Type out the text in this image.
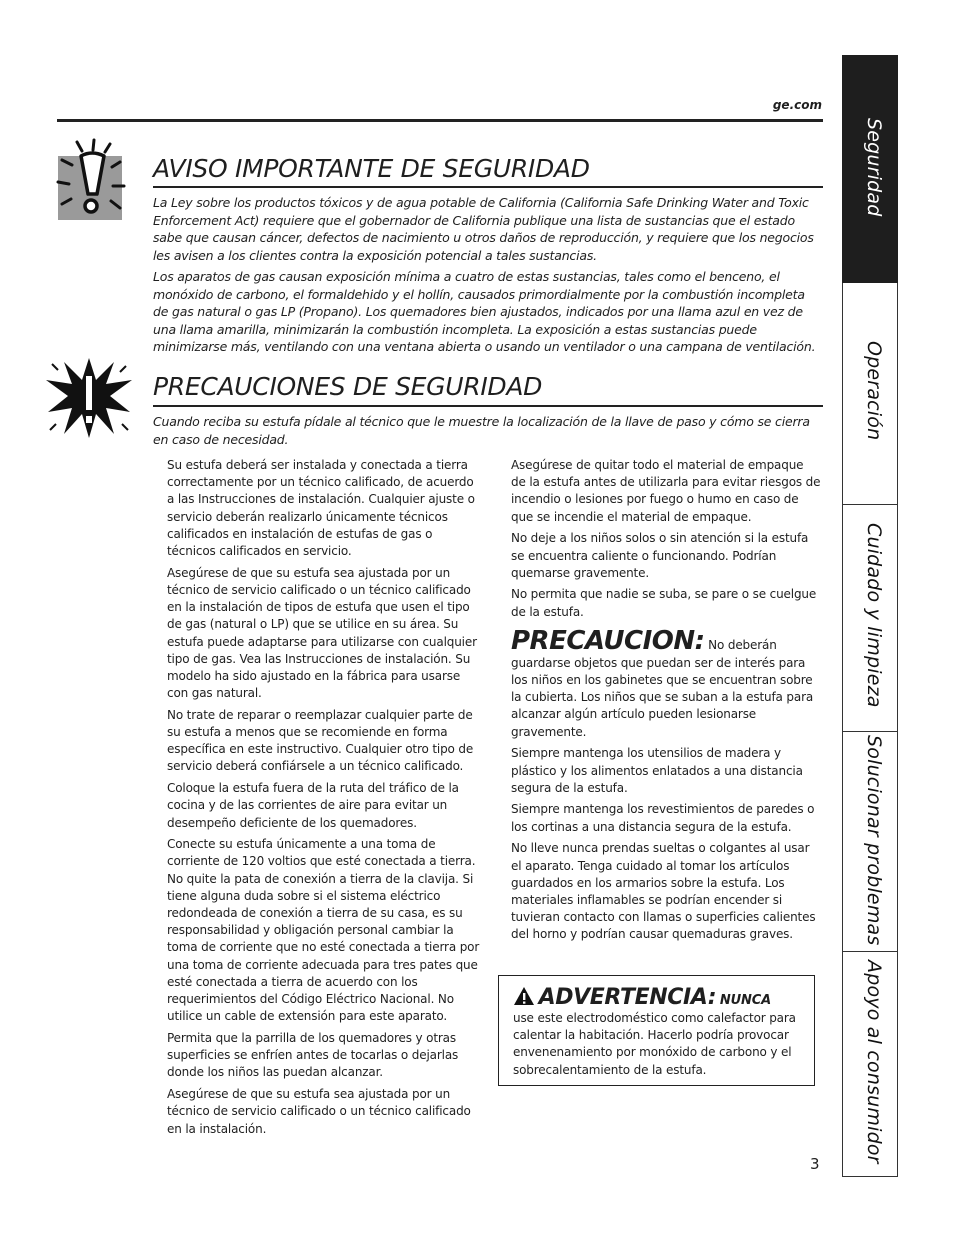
ge.com
AVISO IMPORTANTE DE SEGURIDAD

La Ley sobre los productos tóxicos y de agua potable de California (California Safe Drinking Water and Toxic Enforcement Act) requiere que el gobernador de California publique una lista de sustancias que el estado sabe que causan cáncer, defectos de nacimiento u otros daños de reproducción, y requiere que los negocios les avisen a los clientes contra la exposición potencial a tales sustancias.

Los aparatos de gas causan exposición mínima a cuatro de estas sustancias, tales como el benceno, el monóxido de carbono, el formaldehido y el hollín, causados primordialmente por la combustión incompleta de gas natural o gas LP (Propano). Los quemadores bien ajustados, indicados por una llama azul en vez de una llama amarilla, minimizarán la combustión incompleta. La exposición a estas sustancias puede minimizarse más, ventilando con una ventana abierta o usando un ventilador o una campana de ventilación.

PRECAUCIONES DE SEGURIDAD

Cuando reciba su estufa pídale al técnico que le muestre la localización de la llave de paso y cómo se cierra en caso de necesidad.

Su estufa deberá ser instalada y conectada a tierra correctamente por un técnico calificado, de acuerdo a las Instrucciones de instalación. Cualquier ajuste o servicio deberán realizarlo únicamente técnicos calificados en instalación de estufas de gas o técnicos calificados en servicio.

Asegúrese de que su estufa sea ajustada por un técnico de servicio calificado o un técnico calificado en la instalación de tipos de estufa que usen el tipo de gas (natural o LP) que se utilice en su área. Su estufa puede adaptarse para utilizarse con cualquier tipo de gas. Vea las Instrucciones de instalación. Su modelo ha sido ajustado en la fábrica para usarse con gas natural.

No trate de reparar o reemplazar cualquier parte de su estufa a menos que se recomiende en forma específica en este instructivo. Cualquier otro tipo de servicio deberá confiársele a un técnico calificado.

Coloque la estufa fuera de la ruta del tráfico de la cocina y de las corrientes de aire para evitar un desempeño deficiente de los quemadores.

Conecte su estufa únicamente a una toma de corriente de 120 voltios que esté conectada a tierra. No quite la pata de conexión a tierra de la clavija. Si tiene alguna duda sobre si el sistema eléctrico redondeada de conexión a tierra de su casa, es su responsabilidad y obligación personal cambiar la toma de corriente que no esté conectada a tierra por una toma de corriente adecuada para tres pates que esté conectada a tierra de acuerdo con los requerimientos del Código Eléctrico Nacional. No utilice un cable de extensión para este aparato.

Permita que la parrilla de los quemadores y otras superficies se enfríen antes de tocarlas o dejarlas donde los niños las puedan alcanzar.

Asegúrese de que su estufa sea ajustada por un técnico de servicio calificado o un técnico calificado en la instalación.

Asegúrese de quitar todo el material de empaque de la estufa antes de utilizarla para evitar riesgos de incendio o lesiones por fuego o humo en caso de que se incendie el material de empaque.

No deje a los niños solos o sin atención si la estufa se encuentra caliente o funcionando. Podrían quemarse gravemente.

No permita que nadie se suba, se pare o se cuelgue de la estufa.

PRECAUCION: No deberán guardarse objetos que puedan ser de interés para los niños en los gabinetes que se encuentran sobre la cubierta. Los niños que se suban a la estufa para alcanzar algún artículo pueden lesionarse gravemente.

Siempre mantenga los utensilios de madera y plástico y los alimentos enlatados a una distancia segura de la estufa.

Siempre mantenga los revestimientos de paredes o los cortinas a una distancia segura de la estufa.

No lleve nunca prendas sueltas o colgantes al usar el aparato. Tenga cuidado al tomar los artículos guardados en los armarios sobre la estufa. Los materiales inflamables se podrían encender si tuvieran contacto con llamas o superficies calientes del horno y podrían causar quemaduras graves.

ADVERTENCIA: NUNCA
use este electrodoméstico como calefactor para calentar la habitación. Hacerlo podría provocar envenenamiento por monóxido de carbono y el sobrecalentamiento de la estufa.
3
Seguridad
Operación
Cuidado y limpieza
Solucionar problemas
Apoyo al consumidor
